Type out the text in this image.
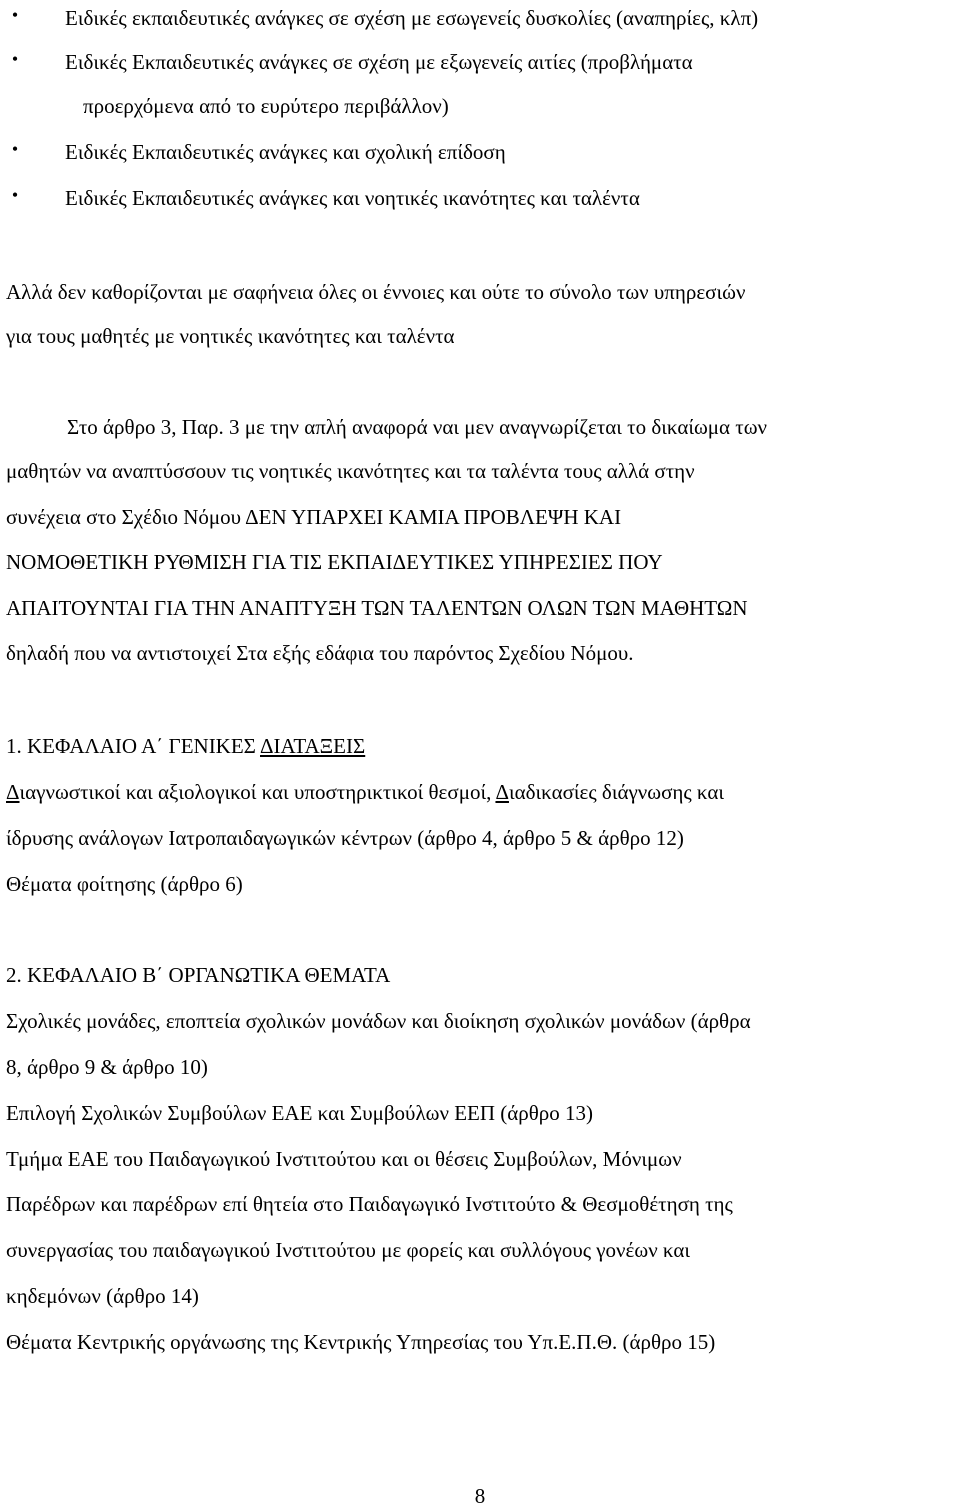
•	Ειδικές εκπαιδευτικές ανάγκες σε σχέση με εσωγενείς δυσκολίες (αναπηρίες, κλπ)

•	Ειδικές Εκπαιδευτικές ανάγκες σε σχέση με εξωγενείς αιτίες (προβλήματα

προερχόμενα από το ευρύτερο περιβάλλον)

•	Ειδικές Εκπαιδευτικές ανάγκες και σχολική επίδοση

•	Ειδικές Εκπαιδευτικές ανάγκες και νοητικές ικανότητες και ταλέντα

Αλλά δεν καθορίζονται με σαφήνεια όλες οι έννοιες και ούτε το σύνολο των υπηρεσιών

για τους μαθητές με νοητικές ικανότητες και ταλέντα

Στο άρθρο 3, Παρ. 3 με την απλή αναφορά ναι μεν αναγνωρίζεται το δικαίωμα των

μαθητών να αναπτύσσουν τις νοητικές ικανότητες και τα ταλέντα τους αλλά στην

συνέχεια στο Σχέδιο Νόμου ΔΕΝ ΥΠΑΡΧΕΙ ΚΑΜΙΑ ΠΡΟΒΛΕΨΗ ΚΑΙ

ΝΟΜΟΘΕΤΙΚΗ ΡΥΘΜΙΣΗ ΓΙΑ ΤΙΣ ΕΚΠΑΙΔΕΥΤΙΚΕΣ ΥΠΗΡΕΣΙΕΣ ΠΟΥ

ΑΠΑΙΤΟΥΝΤΑΙ ΓΙΑ ΤΗΝ ΑΝΑΠΤΥΞΗ ΤΩΝ ΤΑΛΕΝΤΩΝ ΟΛΩΝ ΤΩΝ ΜΑΘΗΤΩΝ

δηλαδή που να αντιστοιχεί Στα εξής εδάφια του παρόντος Σχεδίου Νόμου.

1. ΚΕΦΑΛΑΙΟ Α΄ ΓΕΝΙΚΕΣ ΔΙΑΤΑΞΕΙΣ

Διαγνωστικοί και αξιολογικοί και υποστηρικτικοί θεσμοί, Διαδικασίες διάγνωσης και

ίδρυσης ανάλογων Ιατροπαιδαγωγικών κέντρων (άρθρο 4, άρθρο 5 & άρθρο 12)

Θέματα φοίτησης (άρθρο 6)

2. ΚΕΦΑΛΑΙΟ Β΄ ΟΡΓΑΝΩΤΙΚΑ ΘΕΜΑΤΑ

Σχολικές μονάδες, εποπτεία σχολικών μονάδων και διοίκηση σχολικών μονάδων (άρθρα

8, άρθρο 9 & άρθρο 10)

Επιλογή Σχολικών Συμβούλων ΕΑΕ και Συμβούλων ΕΕΠ (άρθρο 13)

Τμήμα ΕΑΕ του Παιδαγωγικού Ινστιτούτου και οι θέσεις Συμβούλων, Μόνιμων

Παρέδρων και παρέδρων επί θητεία στο Παιδαγωγικό Ινστιτούτο & Θεσμοθέτηση της

συνεργασίας του παιδαγωγικού Ινστιτούτου με φορείς και συλλόγους γονέων και

κηδεμόνων (άρθρο 14)

Θέματα Κεντρικής οργάνωσης της Κεντρικής Υπηρεσίας του Υπ.Ε.Π.Θ. (άρθρο 15)

8
